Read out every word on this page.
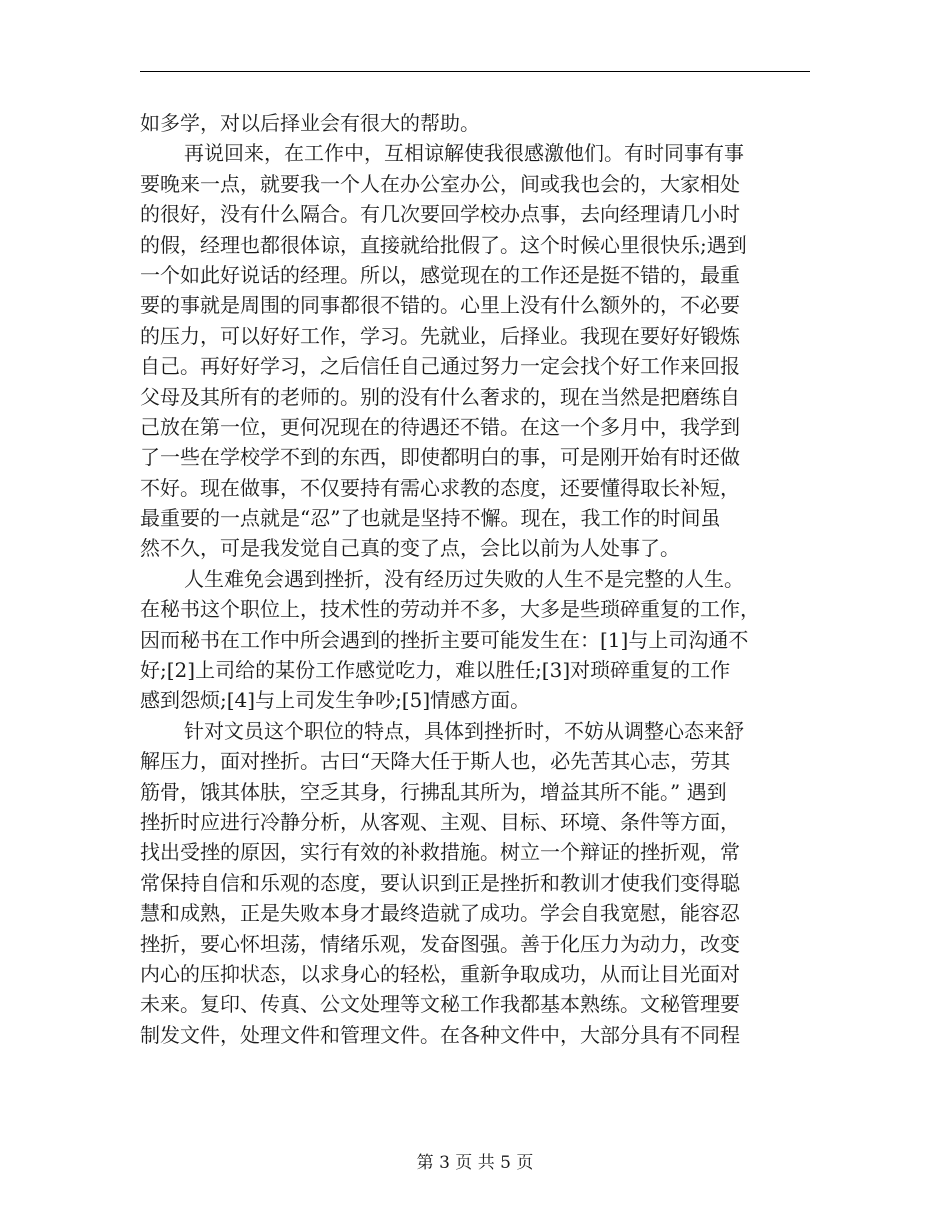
如多学，对以后择业会有很大的帮助。
再说回来，在工作中，互相谅解使我很感激他们。有时同事有事
要晚来一点，就要我一个人在办公室办公，间或我也会的，大家相处
的很好，没有什么隔合。有几次要回学校办点事，去向经理请几小时
的假，经理也都很体谅，直接就给批假了。这个时候心里很快乐;遇到
一个如此好说话的经理。所以，感觉现在的工作还是挺不错的，最重
要的事就是周围的同事都很不错的。心里上没有什么额外的，不必要
的压力，可以好好工作，学习。先就业，后择业。我现在要好好锻炼
自己。再好好学习，之后信任自己通过努力一定会找个好工作来回报
父母及其所有的老师的。别的没有什么奢求的，现在当然是把磨练自
己放在第一位，更何况现在的待遇还不错。在这一个多月中，我学到
了一些在学校学不到的东西，即使都明白的事，可是刚开始有时还做
不好。现在做事，不仅要持有需心求教的态度，还要懂得取长补短，
最重要的一点就是“忍”了也就是坚持不懈。现在，我工作的时间虽
然不久，可是我发觉自己真的变了点，会比以前为人处事了。
人生难免会遇到挫折，没有经历过失败的人生不是完整的人生。
在秘书这个职位上，技术性的劳动并不多，大多是些琐碎重复的工作，
因而秘书在工作中所会遇到的挫折主要可能发生在：[1]与上司沟通不
好;[2]上司给的某份工作感觉吃力，难以胜任;[3]对琐碎重复的工作
感到怨烦;[4]与上司发生争吵;[5]情感方面。
针对文员这个职位的特点，具体到挫折时，不妨从调整心态来舒
解压力，面对挫折。古曰“天降大任于斯人也，必先苦其心志，劳其
筋骨，饿其体肤，空乏其身，行拂乱其所为，增益其所不能。” 遇到
挫折时应进行冷静分析，从客观、主观、目标、环境、条件等方面，
找出受挫的原因，实行有效的补救措施。树立一个辩证的挫折观，常
常保持自信和乐观的态度，要认识到正是挫折和教训才使我们变得聪
慧和成熟，正是失败本身才最终造就了成功。学会自我宽慰，能容忍
挫折，要心怀坦荡，情绪乐观，发奋图强。善于化压力为动力，改变
内心的压抑状态，以求身心的轻松，重新争取成功，从而让目光面对
未来。复印、传真、公文处理等文秘工作我都基本熟练。文秘管理要
制发文件，处理文件和管理文件。在各种文件中，大部分具有不同程
第 3 页 共 5 页
